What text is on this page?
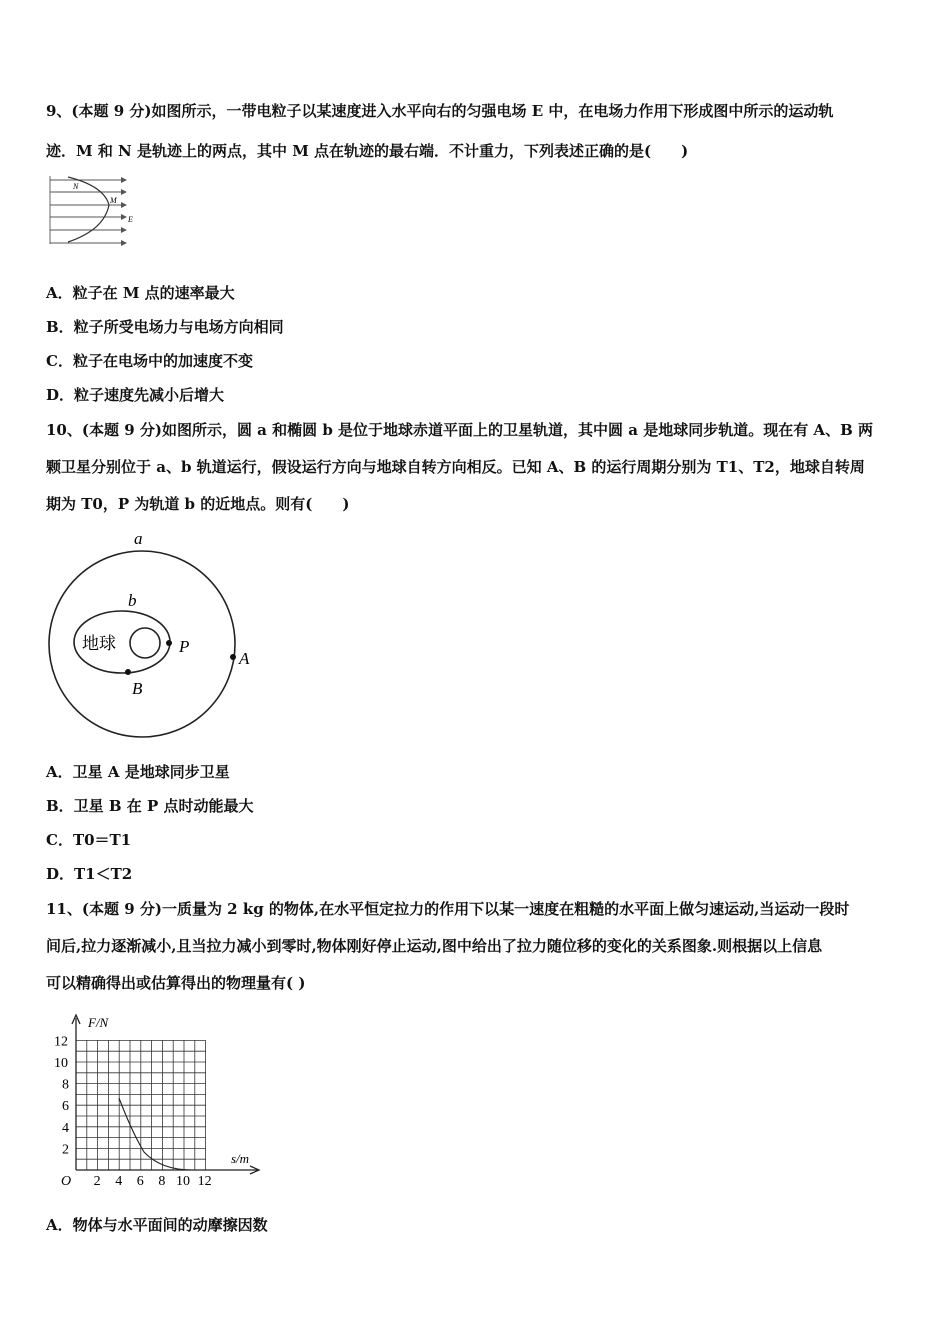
9、(本题 9 分)如图所示，一带电粒子以某速度进入水平向右的匀强电场 E 中，在电场力作用下形成图中所示的运动轨
迹．M 和 N 是轨迹上的两点，其中 M 点在轨迹的最右端．不计重力，下列表述正确的是(　　)
N
M
E
A．粒子在 M 点的速率最大
B．粒子所受电场力与电场方向相同
C．粒子在电场中的加速度不变
D．粒子速度先减小后增大
10、(本题 9 分)如图所示，圆 a 和椭圆 b 是位于地球赤道平面上的卫星轨道，其中圆 a 是地球同步轨道。现在有 A、B 两
颗卫星分别位于 a、b 轨道运行，假设运行方向与地球自转方向相反。已知 A、B 的运行周期分别为 T1、T2，地球自转周
期为 T0，P 为轨道 b 的近地点。则有(　　)
a
b
地球	P
A
B
A．卫星 A 是地球同步卫星
B．卫星 B 在 P 点时动能最大
C．T0＝T1
D．T1＜T2
11、(本题 9 分)一质量为 2 kg 的物体,在水平恒定拉力的作用下以某一速度在粗糙的水平面上做匀速运动,当运动一段时
间后,拉力逐渐减小,且当拉力减小到零时,物体刚好停止运动,图中给出了拉力随位移的变化的关系图象.则根据以上信息
可以精确得出或估算得出的物理量有( )
F/N
s/m
O
12
10
8
6
4
2
2 4 6 8 10 12
A．物体与水平面间的动摩擦因数
